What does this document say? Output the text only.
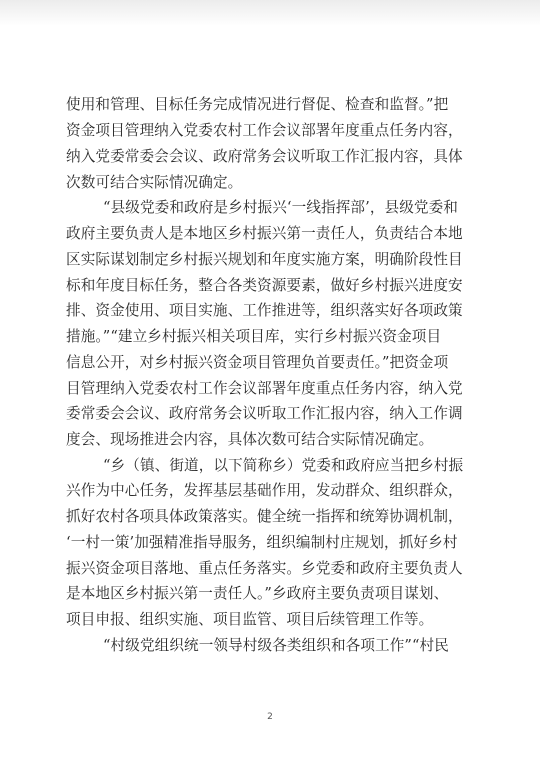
使用和管理、目标任务完成情况进行督促、检查和监督。”把
资金项目管理纳入党委农村工作会议部署年度重点任务内容，
纳入党委常委会会议、政府常务会议听取工作汇报内容，具体
次数可结合实际情况确定。
“县级党委和政府是乡村振兴‘一线指挥部’，县级党委和
政府主要负责人是本地区乡村振兴第一责任人，负责结合本地
区实际谋划制定乡村振兴规划和年度实施方案，明确阶段性目
标和年度目标任务，整合各类资源要素，做好乡村振兴进度安
排、资金使用、项目实施、工作推进等，组织落实好各项政策
措施。”“建立乡村振兴相关项目库，实行乡村振兴资金项目
信息公开，对乡村振兴资金项目管理负首要责任。”把资金项
目管理纳入党委农村工作会议部署年度重点任务内容，纳入党
委常委会会议、政府常务会议听取工作汇报内容，纳入工作调
度会、现场推进会内容，具体次数可结合实际情况确定。
“乡（镇、街道，以下简称乡）党委和政府应当把乡村振
兴作为中心任务，发挥基层基础作用，发动群众、组织群众，
抓好农村各项具体政策落实。健全统一指挥和统筹协调机制，
‘一村一策’加强精准指导服务，组织编制村庄规划，抓好乡村
振兴资金项目落地、重点任务落实。乡党委和政府主要负责人
是本地区乡村振兴第一责任人。”乡政府主要负责项目谋划、
项目申报、组织实施、项目监管、项目后续管理工作等。
“村级党组织统一领导村级各类组织和各项工作”“村民
2
